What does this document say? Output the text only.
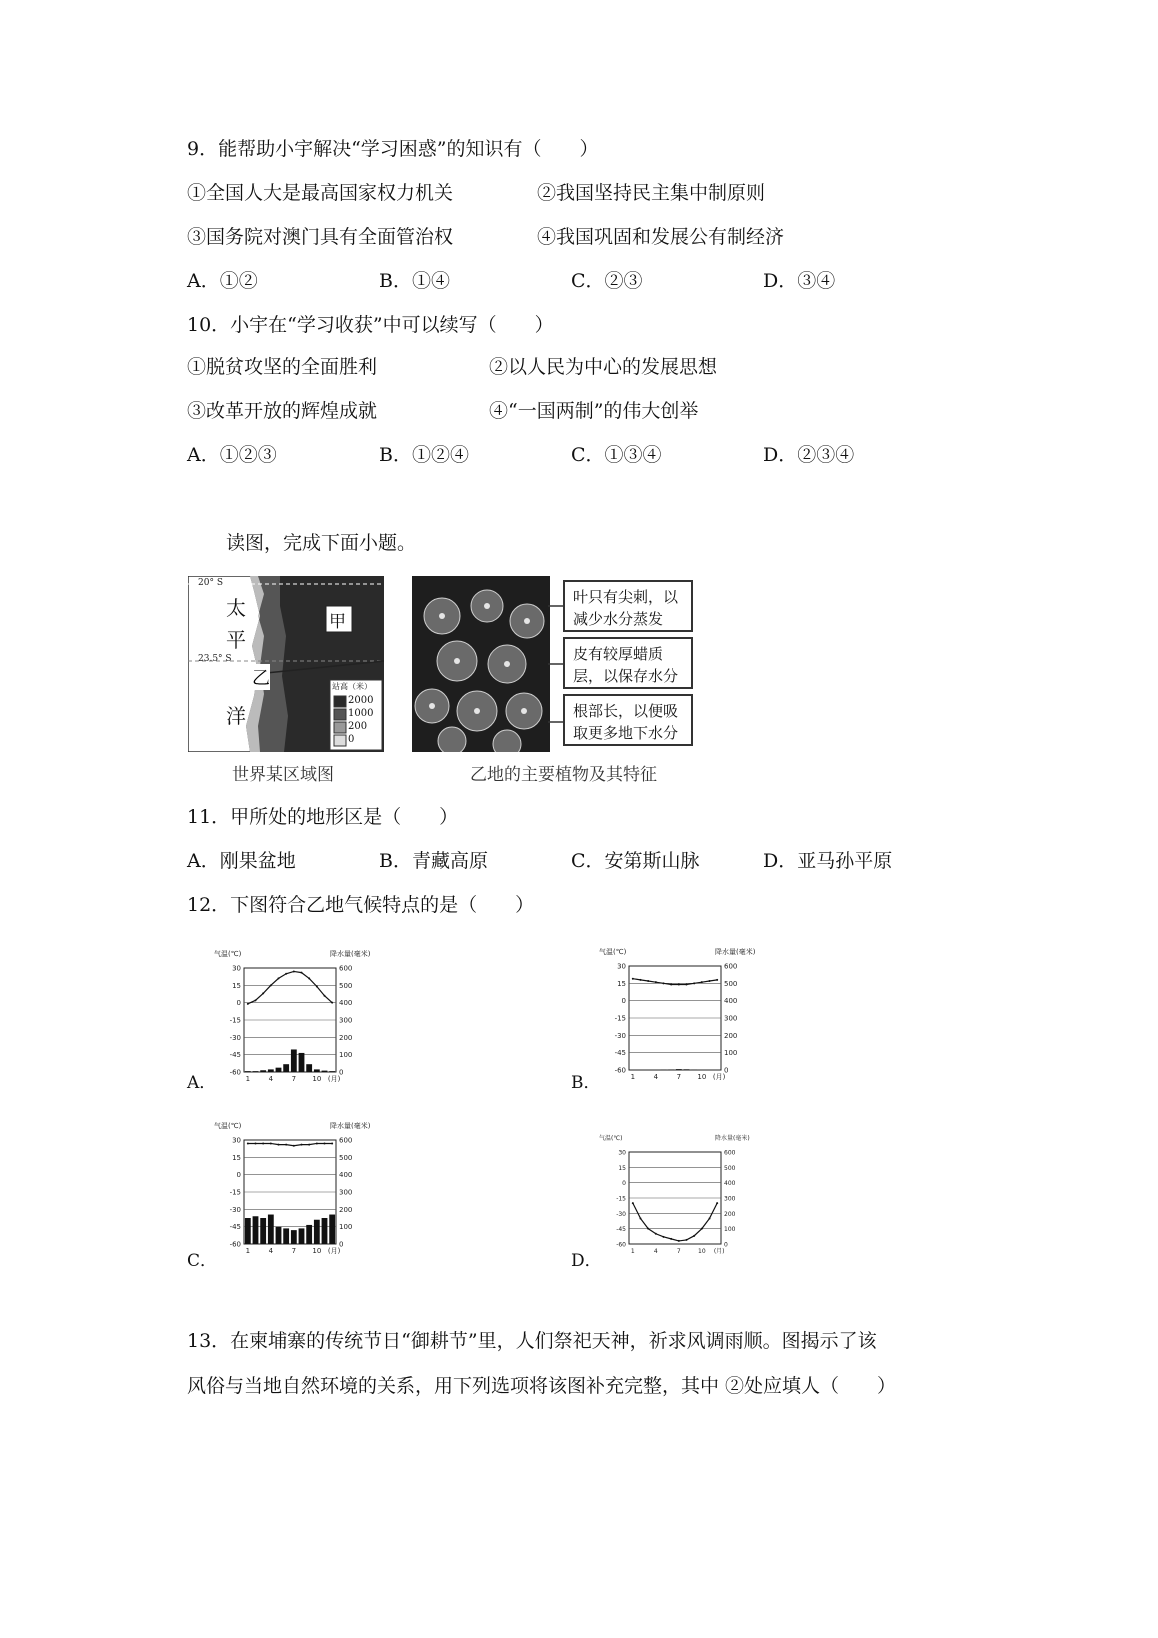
9．能帮助小宇解决“学习困惑”的知识有（　　）
①全国人大是最高国家权力机关	②我国坚持民主集中制原则
③国务院对澳门具有全面管治权	④我国巩固和发展公有制经济
A．①②	B．①④	C．②③	D．③④
10．小宇在“学习收获”中可以续写（　　）
①脱贫攻坚的全面胜利	②以人民为中心的发展思想
③改革开放的辉煌成就	④“一国两制”的伟大创举
A．①②③	B．①②④	C．①③④	D．②③④
读图，完成下面小题。
20° S
23.5° S
太
平
洋
甲
乙	站高（米）
2000
1000
200
0
世界某区域图
叶只有尖刺，以减少水分蒸发
皮有较厚蜡质层，以保存水分
根部长，以便吸取更多地下水分
乙地的主要植物及其特征
11．甲所处的地形区是（　　）
A．刚果盆地	B．青藏高原	C．安第斯山脉	D．亚马孙平原
12．下图符合乙地气候特点的是（　　）
A．	B．
C．	D．
气温(℃)	降水量(毫米)
30	600
15	500
0	400
-15	300
-30	200
-45	100
-60	0
1	4	7 10 (月)
气温(℃)	降水量(毫米)
30	600
15	500
0	400
-15	300
-30	200
-45	100
-60	0
1	4	7 10 (月)
气温(℃)	降水量(毫米)
30	600
15	500
0	400
-15	300
-30	200
-45	100
-60	0
1	4	7 10 (月)
气温(℃)	降水量(毫米)
30	600
15	500
0	400
-15	300
-30	200
-45	100
-60	0
1	4	7	10 (月)
13．在柬埔寨的传统节日“御耕节”里，人们祭祀天神，祈求风调雨顺。图揭示了该
风俗与当地自然环境的关系，用下列选项将该图补充完整，其中 ②处应填人（　　）
